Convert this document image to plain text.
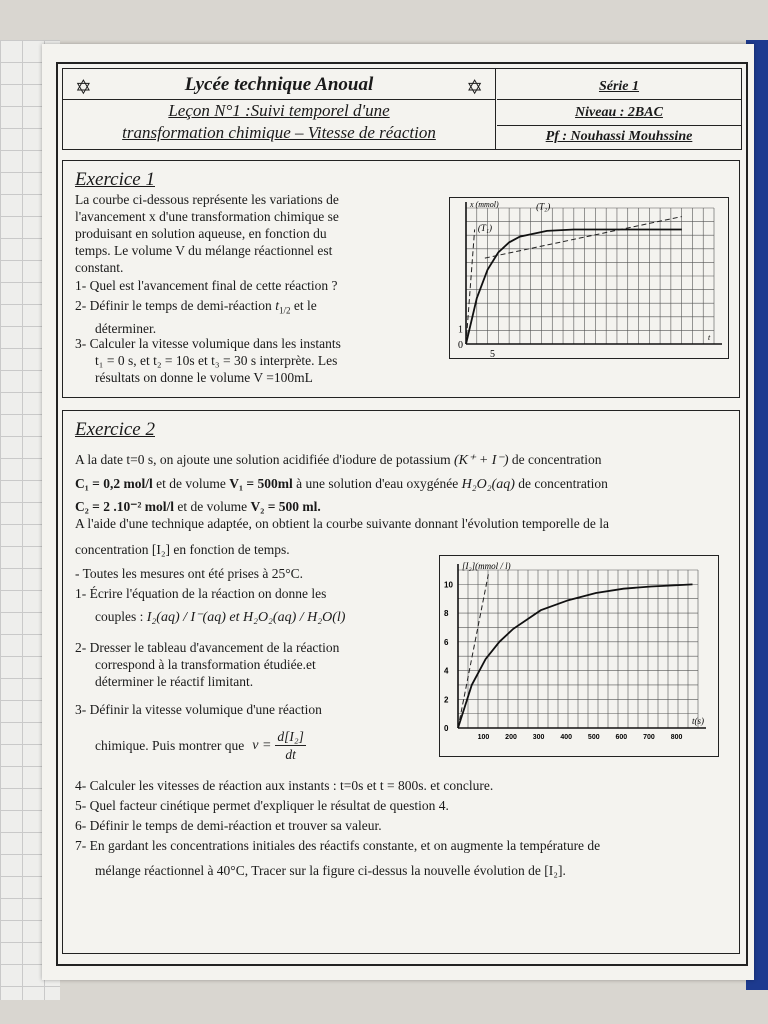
✡	Lycée technique Anoual	✡
Leçon N°1 :Suivi temporel d'une
transformation chimique – Vitesse de réaction
Série 1
Niveau : 2BAC
Pf : Nouhassi Mouhssine
Exercice 1
La courbe ci-dessous représente les variations de
l'avancement x d'une transformation chimique se
produisant en solution aqueuse, en fonction du
temps. Le volume V du mélange réactionnel est
constant.
1- Quel est l'avancement final de cette réaction ?
2- Définir le temps de demi-réaction $t_{1/2}$ et le
déterminer.
3- Calculer la vitesse volumique dans les instants
t₁ = 0 s, et t₂ = 10s et t₃ = 30 s interprète. Les
résultats on donne le volume V =100mL
x (mmol)
t
0
1
5
(T₁)
(T₂)
Exercice 2
A la date t=0 s, on ajoute une solution acidifiée d'iodure de potassium (K⁺ + I⁻) de concentration
C₁ = 0,2 mol/l et de volume V₁ = 500ml à une solution d'eau oxygénée H₂O₂(aq) de concentration
C₂ = 2 .10⁻² mol/l et de volume V₂ = 500 ml.
A l'aide d'une technique adaptée, on obtient la courbe suivante donnant l'évolution temporelle de la
concentration [I₂] en fonction de temps.
- Toutes les mesures ont été prises à 25°C.
1- Écrire l'équation de la réaction on donne les
couples : I₂(aq) / I⁻(aq) et H₂O₂(aq) / H₂O(l)
2- Dresser le tableau d'avancement de la réaction
correspond à la transformation étudiée.et
déterminer le réactif limitant.
3- Définir la vitesse volumique d'une réaction
chimique. Puis montrer que $v = \frac{\text{d[I₂]}}{dt}$
4- Calculer les vitesses de réaction aux instants : t=0s et t = 800s. et conclure.
5- Quel facteur cinétique permet d'expliquer le résultat de question 4.
6- Définir le temps de demi-réaction et trouver sa valeur.
7- En gardant les concentrations initiales des réactifs constante, et on augmente la température de
mélange réactionnel à 40°C, Tracer sur la figure ci-dessus la nouvelle évolution de [I₂].
[I₂](mmol / l)
t(s)
0
2
4
6
8
10
100 200 300 400 500 600 700 800
